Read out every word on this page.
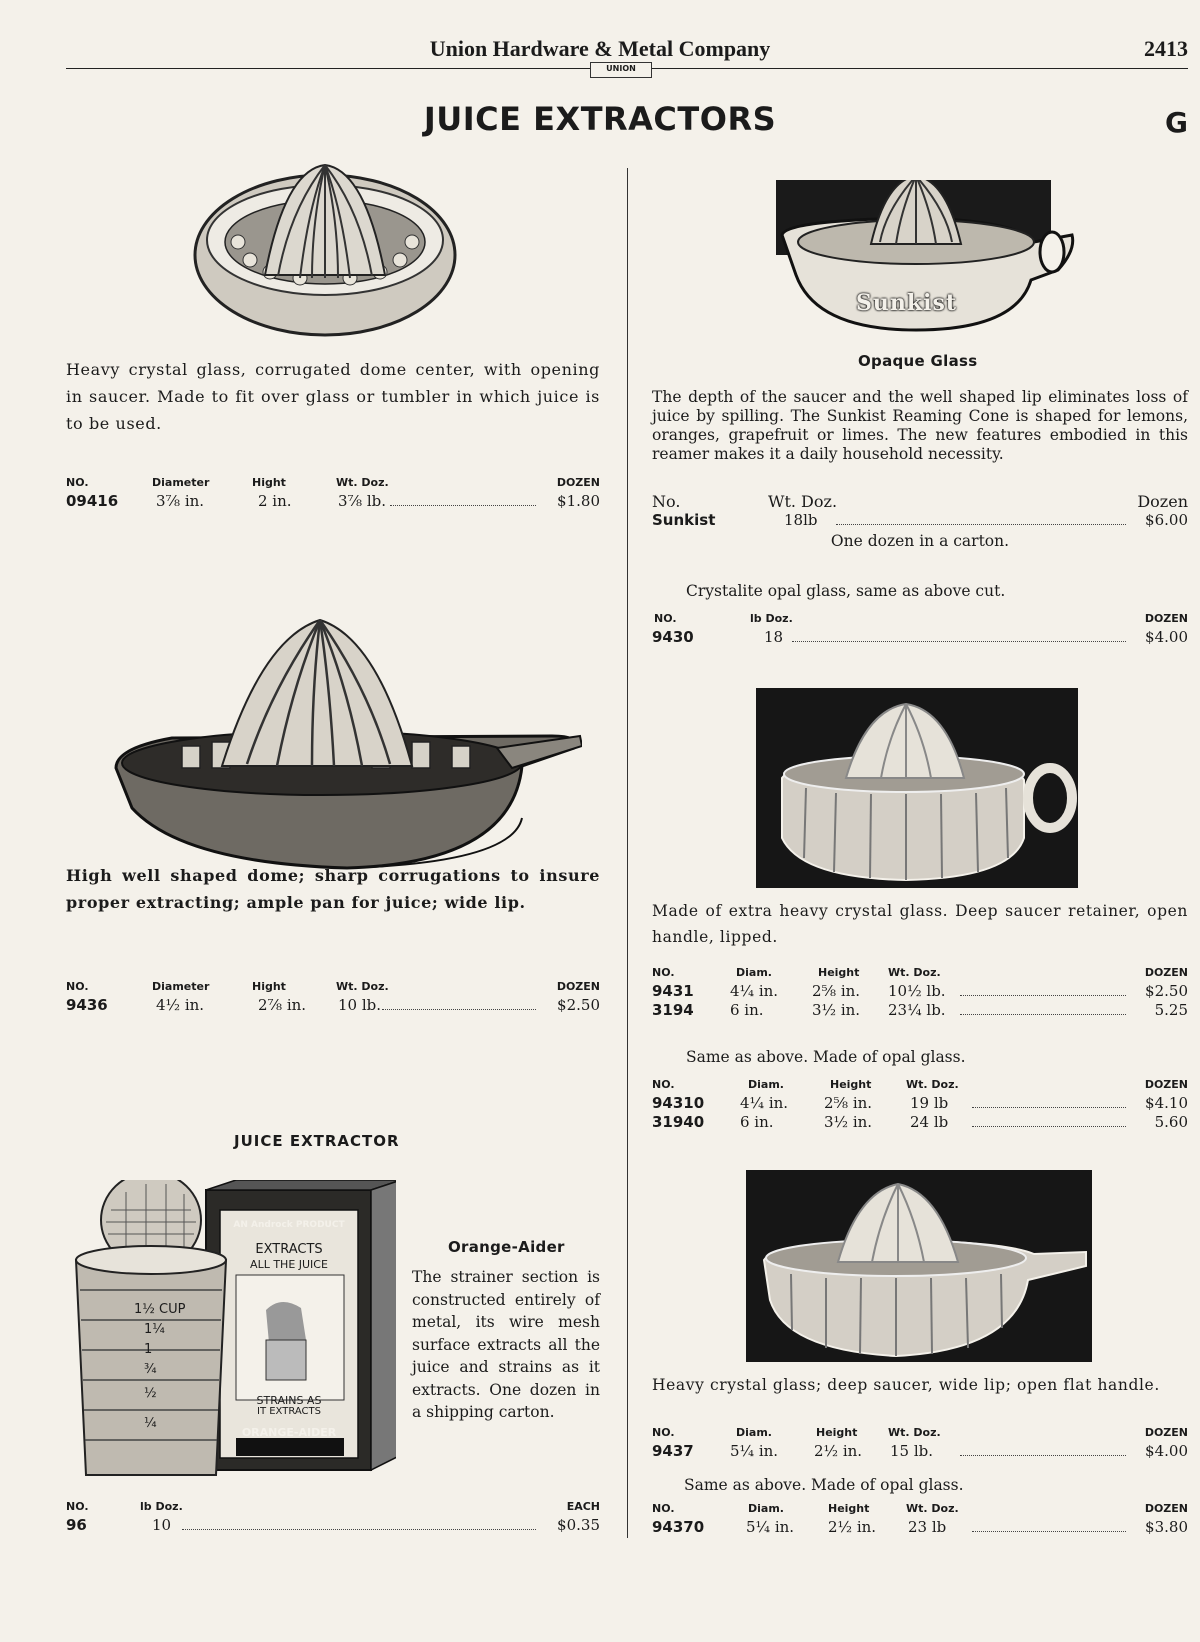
Union Hardware & Metal Company	2413
UNION
JUICE EXTRACTORS	G
Heavy crystal glass, corrugated dome center, with opening in saucer. Made to fit over glass or tumbler in which juice is to be used.
NO.	Diameter	Hight	Wt. Doz.	DOZEN
09416	3⅞ in.	2 in.	3⅞ lb.	$1.80
High well shaped dome; sharp corrugations to insure proper extracting; ample pan for juice; wide lip.
NO.	Diameter	Hight	Wt. Doz.	DOZEN
9436	4½ in.	2⅞ in. 10 lb.	$2.50
JUICE EXTRACTOR
1½ CUP
1¼
1
¾
½
¼
AN Androck PRODUCT
EXTRACTS
ALL THE JUICE
STRAINS AS
IT EXTRACTS
ORANGE-AIDER
Orange-Aider
The strainer section is constructed entirely of metal, its wire mesh surface extracts all the juice and strains as it extracts. One dozen in a shipping carton.
NO.	lb Doz.	EACH
96	10	$0.35
Sunkist
Opaque Glass
The depth of the saucer and the well shaped lip eliminates loss of juice by spilling. The Sunkist Reaming Cone is shaped for lemons, oranges, grapefruit or limes. The new features embodied in this reamer makes it a daily household necessity.
No.	Wt. Doz.	Dozen
Sunkist	18lb	$6.00
One dozen in a carton.
Crystalite opal glass, same as above cut.
NO.	lb Doz.	DOZEN
9430	18	$4.00
Made of extra heavy crystal glass. Deep saucer retainer, open handle, lipped.
NO.	Diam.	Height	Wt. Doz.	DOZEN
9431 4¼ in. 2⅝ in. 10½ lb.	$2.50
3194 6 in.	3½ in. 23¼ lb.	5.25
Same as above. Made of opal glass.
NO.	Diam.	Height	Wt. Doz.	DOZEN
94310 4¼ in. 2⅝ in.	19 lb	$4.10
31940 6 in.	3½ in.	24 lb	5.60
Heavy crystal glass; deep saucer, wide lip; open flat handle.
NO.	Diam.	Height	Wt. Doz.	DOZEN
9437 5¼ in. 2½ in. 15 lb.	$4.00
Same as above. Made of opal glass.
NO.	Diam.	Height	Wt. Doz.	DOZEN
94370	5¼ in. 2½ in. 23 lb	$3.80
